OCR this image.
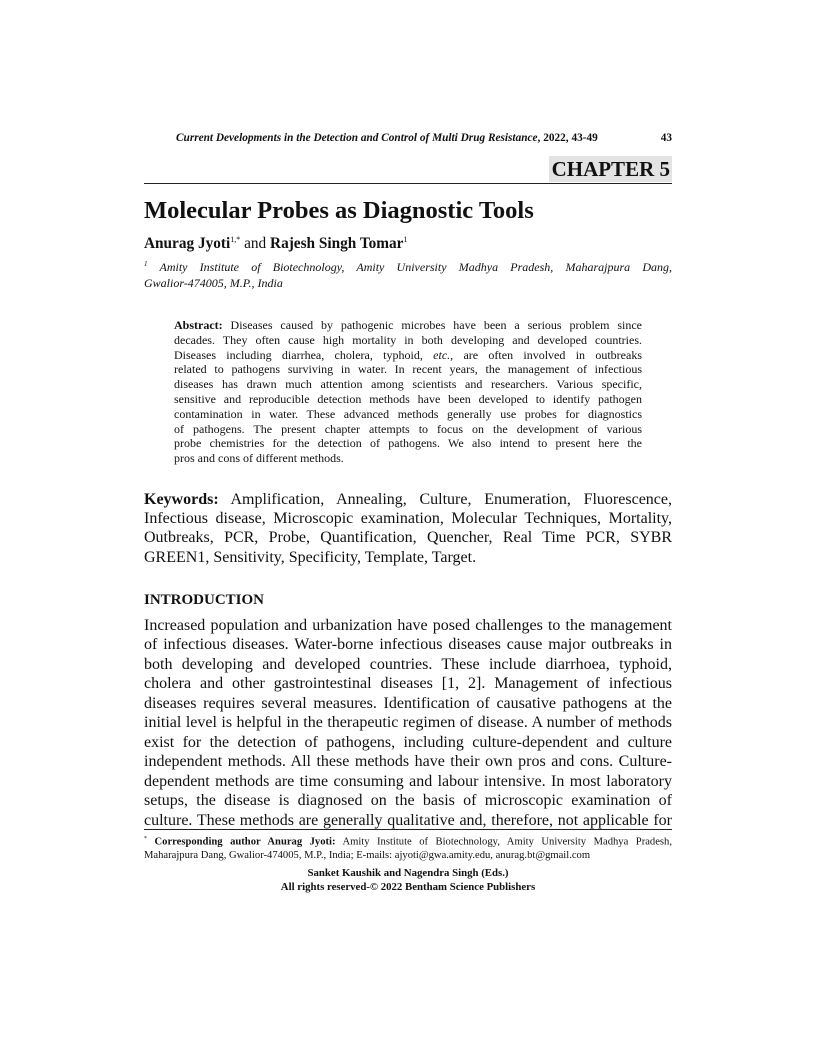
Current Developments in the Detection and Control of Multi Drug Resistance, 2022, 43-49	43
CHAPTER 5
Molecular Probes as Diagnostic Tools
Anurag Jyoti$^{1,*}$ and Rajesh Singh Tomar$^1$
$^1$ Amity Institute of Biotechnology, Amity University Madhya Pradesh, Maharajpura Dang,
Gwalior-474005, M.P., India
Abstract: Diseases caused by pathogenic microbes have been a serious problem since
decades. They often cause high mortality in both developing and developed countries.
Diseases including diarrhea, cholera, typhoid, etc., are often involved in outbreaks
related to pathogens surviving in water. In recent years, the management of infectious
diseases has drawn much attention among scientists and researchers. Various specific,
sensitive and reproducible detection methods have been developed to identify pathogen
contamination in water. These advanced methods generally use probes for diagnostics
of pathogens. The present chapter attempts to focus on the development of various
probe chemistries for the detection of pathogens. We also intend to present here the
pros and cons of different methods.
Keywords: Amplification, Annealing, Culture, Enumeration, Fluorescence,
Infectious disease, Microscopic examination, Molecular Techniques, Mortality,
Outbreaks, PCR, Probe, Quantification, Quencher, Real Time PCR, SYBR
GREEN1, Sensitivity, Specificity, Template, Target.
INTRODUCTION
Increased population and urbanization have posed challenges to the management
of infectious diseases. Water-borne infectious diseases cause major outbreaks in
both developing and developed countries. These include diarrhoea, typhoid,
cholera and other gastrointestinal diseases [1, 2]. Management of infectious
diseases requires several measures. Identification of causative pathogens at the
initial level is helpful in the therapeutic regimen of disease. A number of methods
exist for the detection of pathogens, including culture-dependent and culture
independent methods. All these methods have their own pros and cons. Culture-
dependent methods are time consuming and labour intensive. In most laboratory
setups, the disease is diagnosed on the basis of microscopic examination of
culture. These methods are generally qualitative and, therefore, not applicable for
* Corresponding author Anurag Jyoti: Amity Institute of Biotechnology, Amity University Madhya Pradesh,
Maharajpura Dang, Gwalior-474005, M.P., India; E-mails: ajyoti@gwa.amity.edu, anurag.bt@gmail.com
Sanket Kaushik and Nagendra Singh (Eds.)
All rights reserved-© 2022 Bentham Science Publishers
